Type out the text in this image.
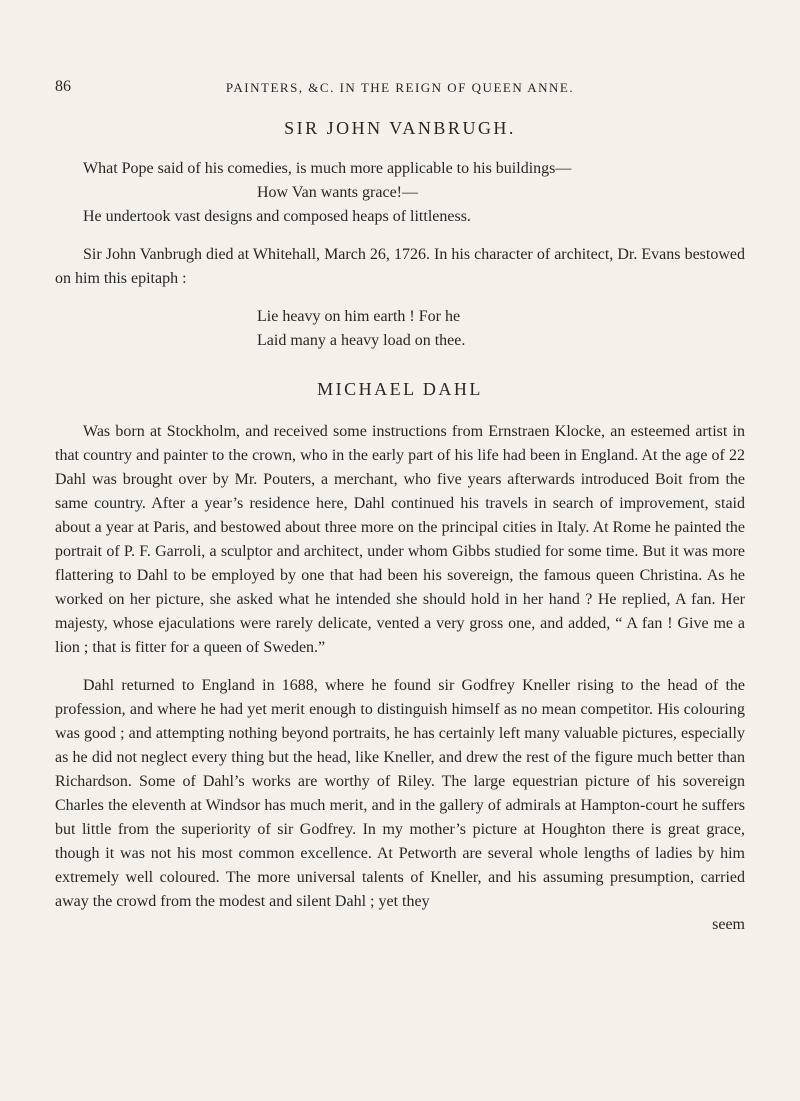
86	PAINTERS, &C. IN THE REIGN OF QUEEN ANNE.
SIR JOHN VANBRUGH.
What Pope said of his comedies, is much more applicable to his buildings—
How Van wants grace!—
He undertook vast designs and composed heaps of littleness.

Sir John Vanbrugh died at Whitehall, March 26, 1726. In his character of architect, Dr. Evans bestowed on him this epitaph :

Lie heavy on him earth ! For he
Laid many a heavy load on thee.
MICHAEL DAHL

Was born at Stockholm, and received some instructions from Ernstraen Klocke, an esteemed artist in that country and painter to the crown, who in the early part of his life had been in England. At the age of 22 Dahl was brought over by Mr. Pouters, a merchant, who five years afterwards introduced Boit from the same country. After a year’s residence here, Dahl continued his travels in search of improvement, staid about a year at Paris, and bestowed about three more on the principal cities in Italy. At Rome he painted the portrait of P. F. Garroli, a sculptor and architect, under whom Gibbs studied for some time. But it was more flattering to Dahl to be employed by one that had been his sovereign, the famous queen Christina. As he worked on her picture, she asked what he intended she should hold in her hand ? He replied, A fan. Her majesty, whose ejaculations were rarely delicate, vented a very gross one, and added, “ A fan ! Give me a lion ; that is fitter for a queen of Sweden.”

Dahl returned to England in 1688, where he found sir Godfrey Kneller rising to the head of the profession, and where he had yet merit enough to distinguish himself as no mean competitor. His colouring was good ; and attempting nothing beyond portraits, he has certainly left many valuable pictures, especially as he did not neglect every thing but the head, like Kneller, and drew the rest of the figure much better than Richardson. Some of Dahl’s works are worthy of Riley. The large equestrian picture of his sovereign Charles the eleventh at Windsor has much merit, and in the gallery of admirals at Hampton-court he suffers but little from the superiority of sir Godfrey. In my mother’s picture at Houghton there is great grace, though it was not his most common excellence. At Petworth are several whole lengths of ladies by him extremely well coloured. The more universal talents of Kneller, and his assuming presumption, carried away the crowd from the modest and silent Dahl ; yet they

seem
